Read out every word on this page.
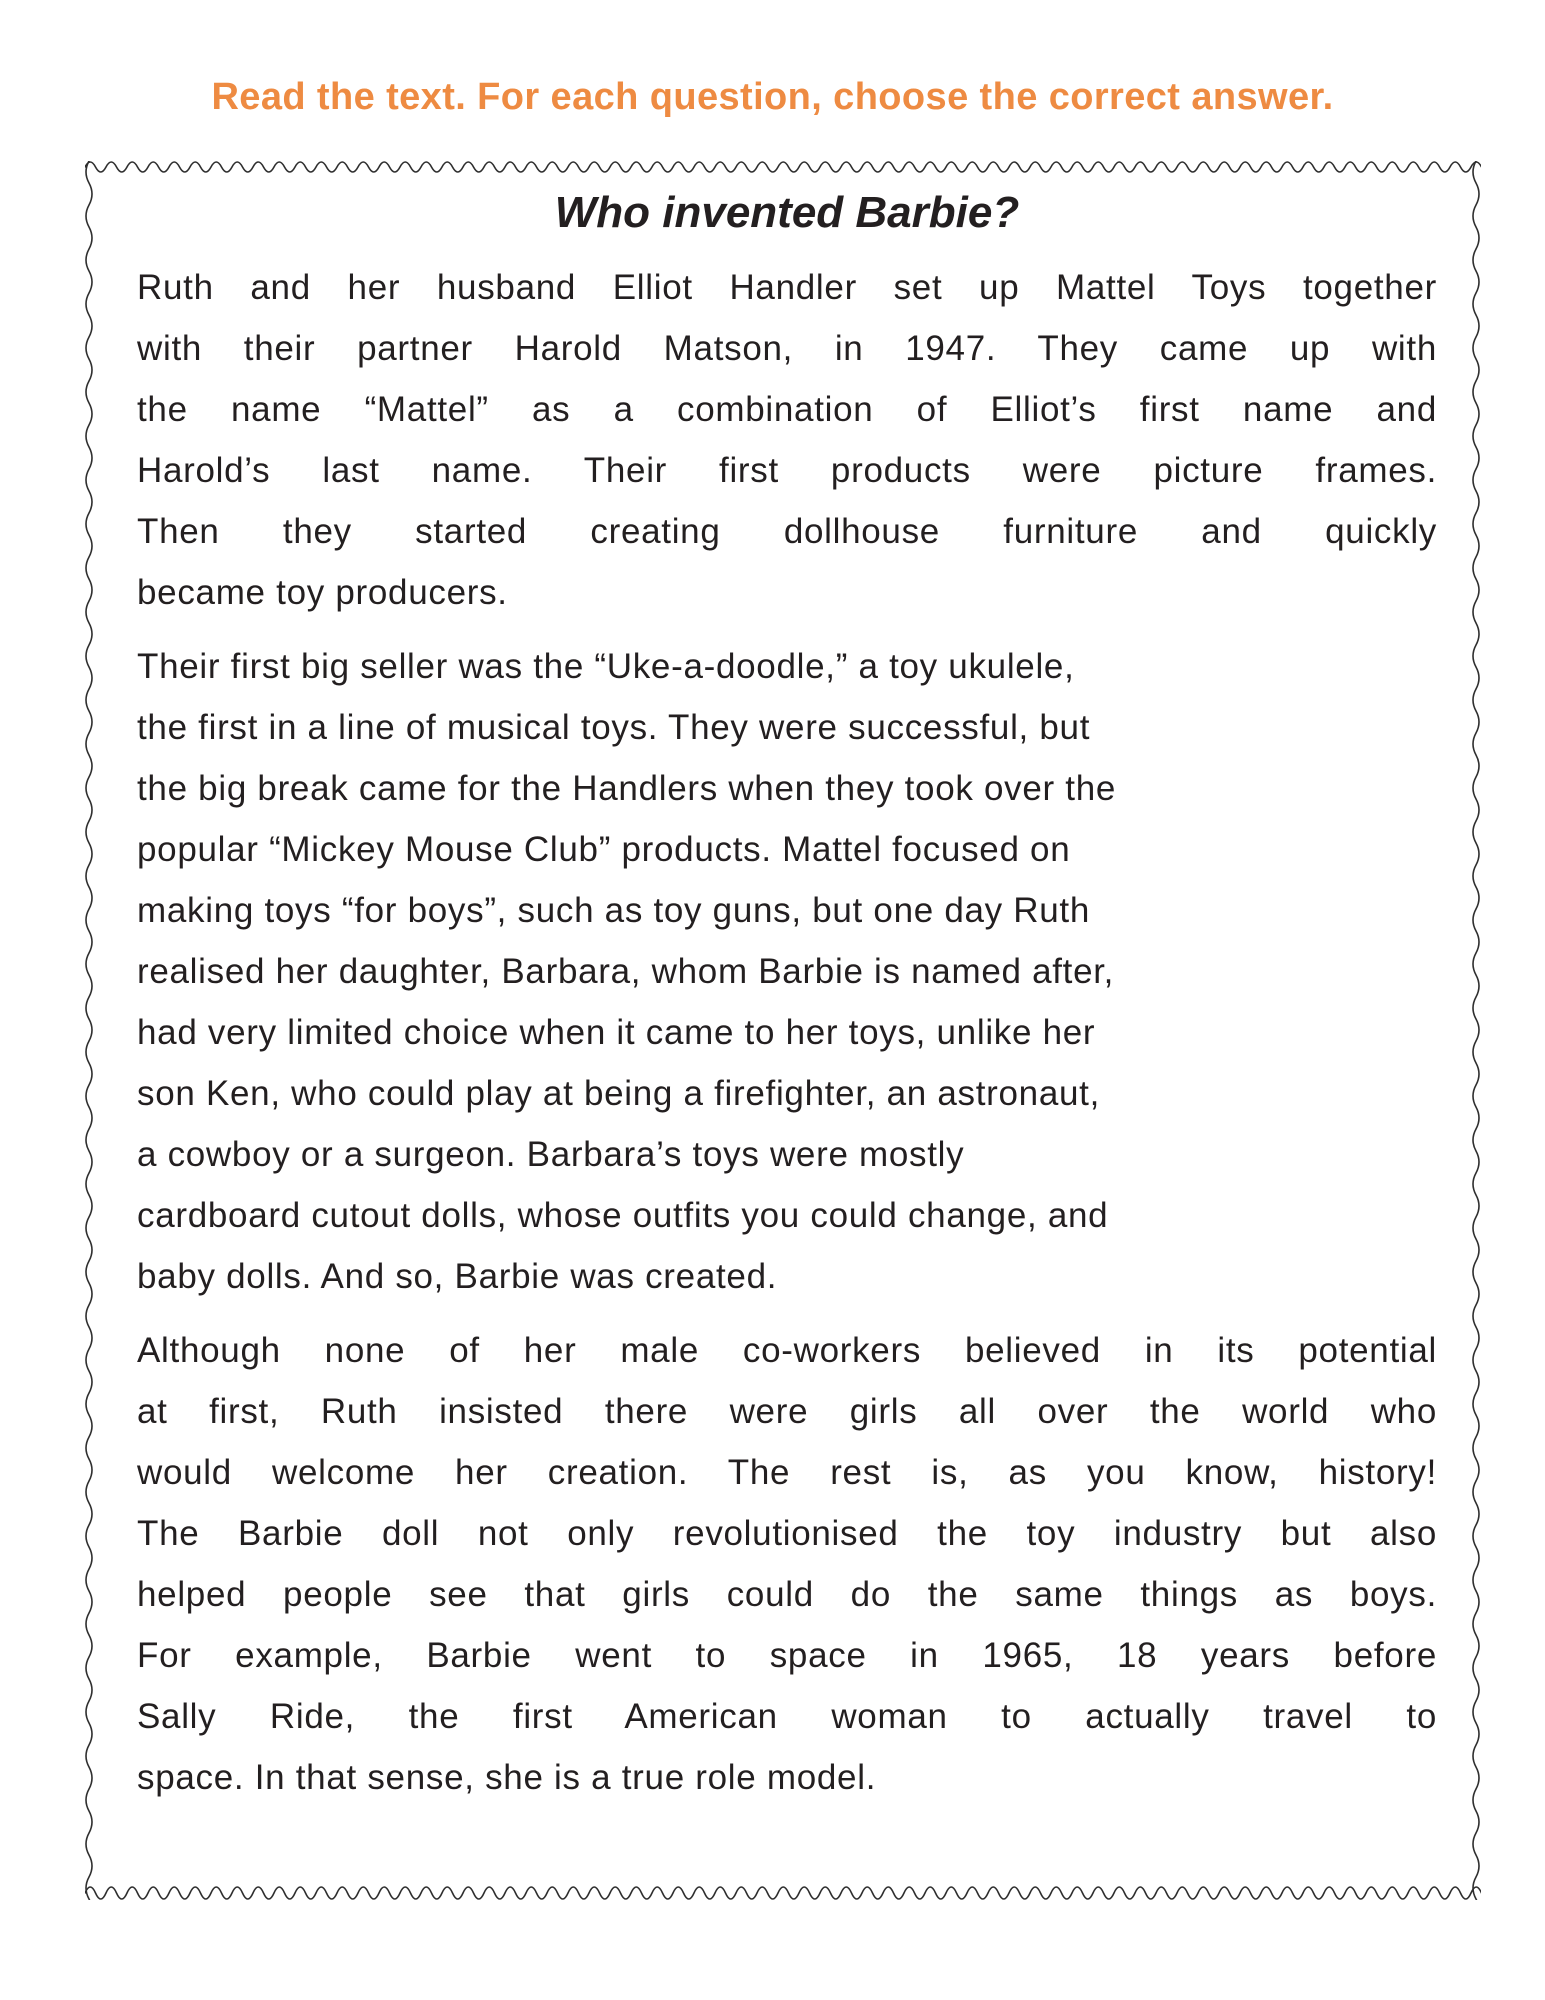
Read the text. For each question, choose the correct answer.
Who invented Barbie?
Ruth and her husband Elliot Handler set up Mattel Toys together
with their partner Harold Matson, in 1947. They came up with
the name “Mattel” as a combination of Elliot’s first name and
Harold’s last name. Their first products were picture frames.
Then they started creating dollhouse furniture and quickly
became toy producers.
Their first big seller was the “Uke-a-doodle,” a toy ukulele,
the first in a line of musical toys. They were successful, but
the big break came for the Handlers when they took over the
popular “Mickey Mouse Club” products. Mattel focused on
making toys “for boys”, such as toy guns, but one day Ruth
realised her daughter, Barbara, whom Barbie is named after,
had very limited choice when it came to her toys, unlike her
son Ken, who could play at being a firefighter, an astronaut,
a cowboy or a surgeon. Barbara’s toys were mostly
cardboard cutout dolls, whose outfits you could change, and
baby dolls. And so, Barbie was created.
Although none of her male co-workers believed in its potential
at first, Ruth insisted there were girls all over the world who
would welcome her creation. The rest is, as you know, history!
The Barbie doll not only revolutionised the toy industry but also
helped people see that girls could do the same things as boys.
For example, Barbie went to space in 1965, 18 years before
Sally Ride, the first American woman to actually travel to
space. In that sense, she is a true role model.
